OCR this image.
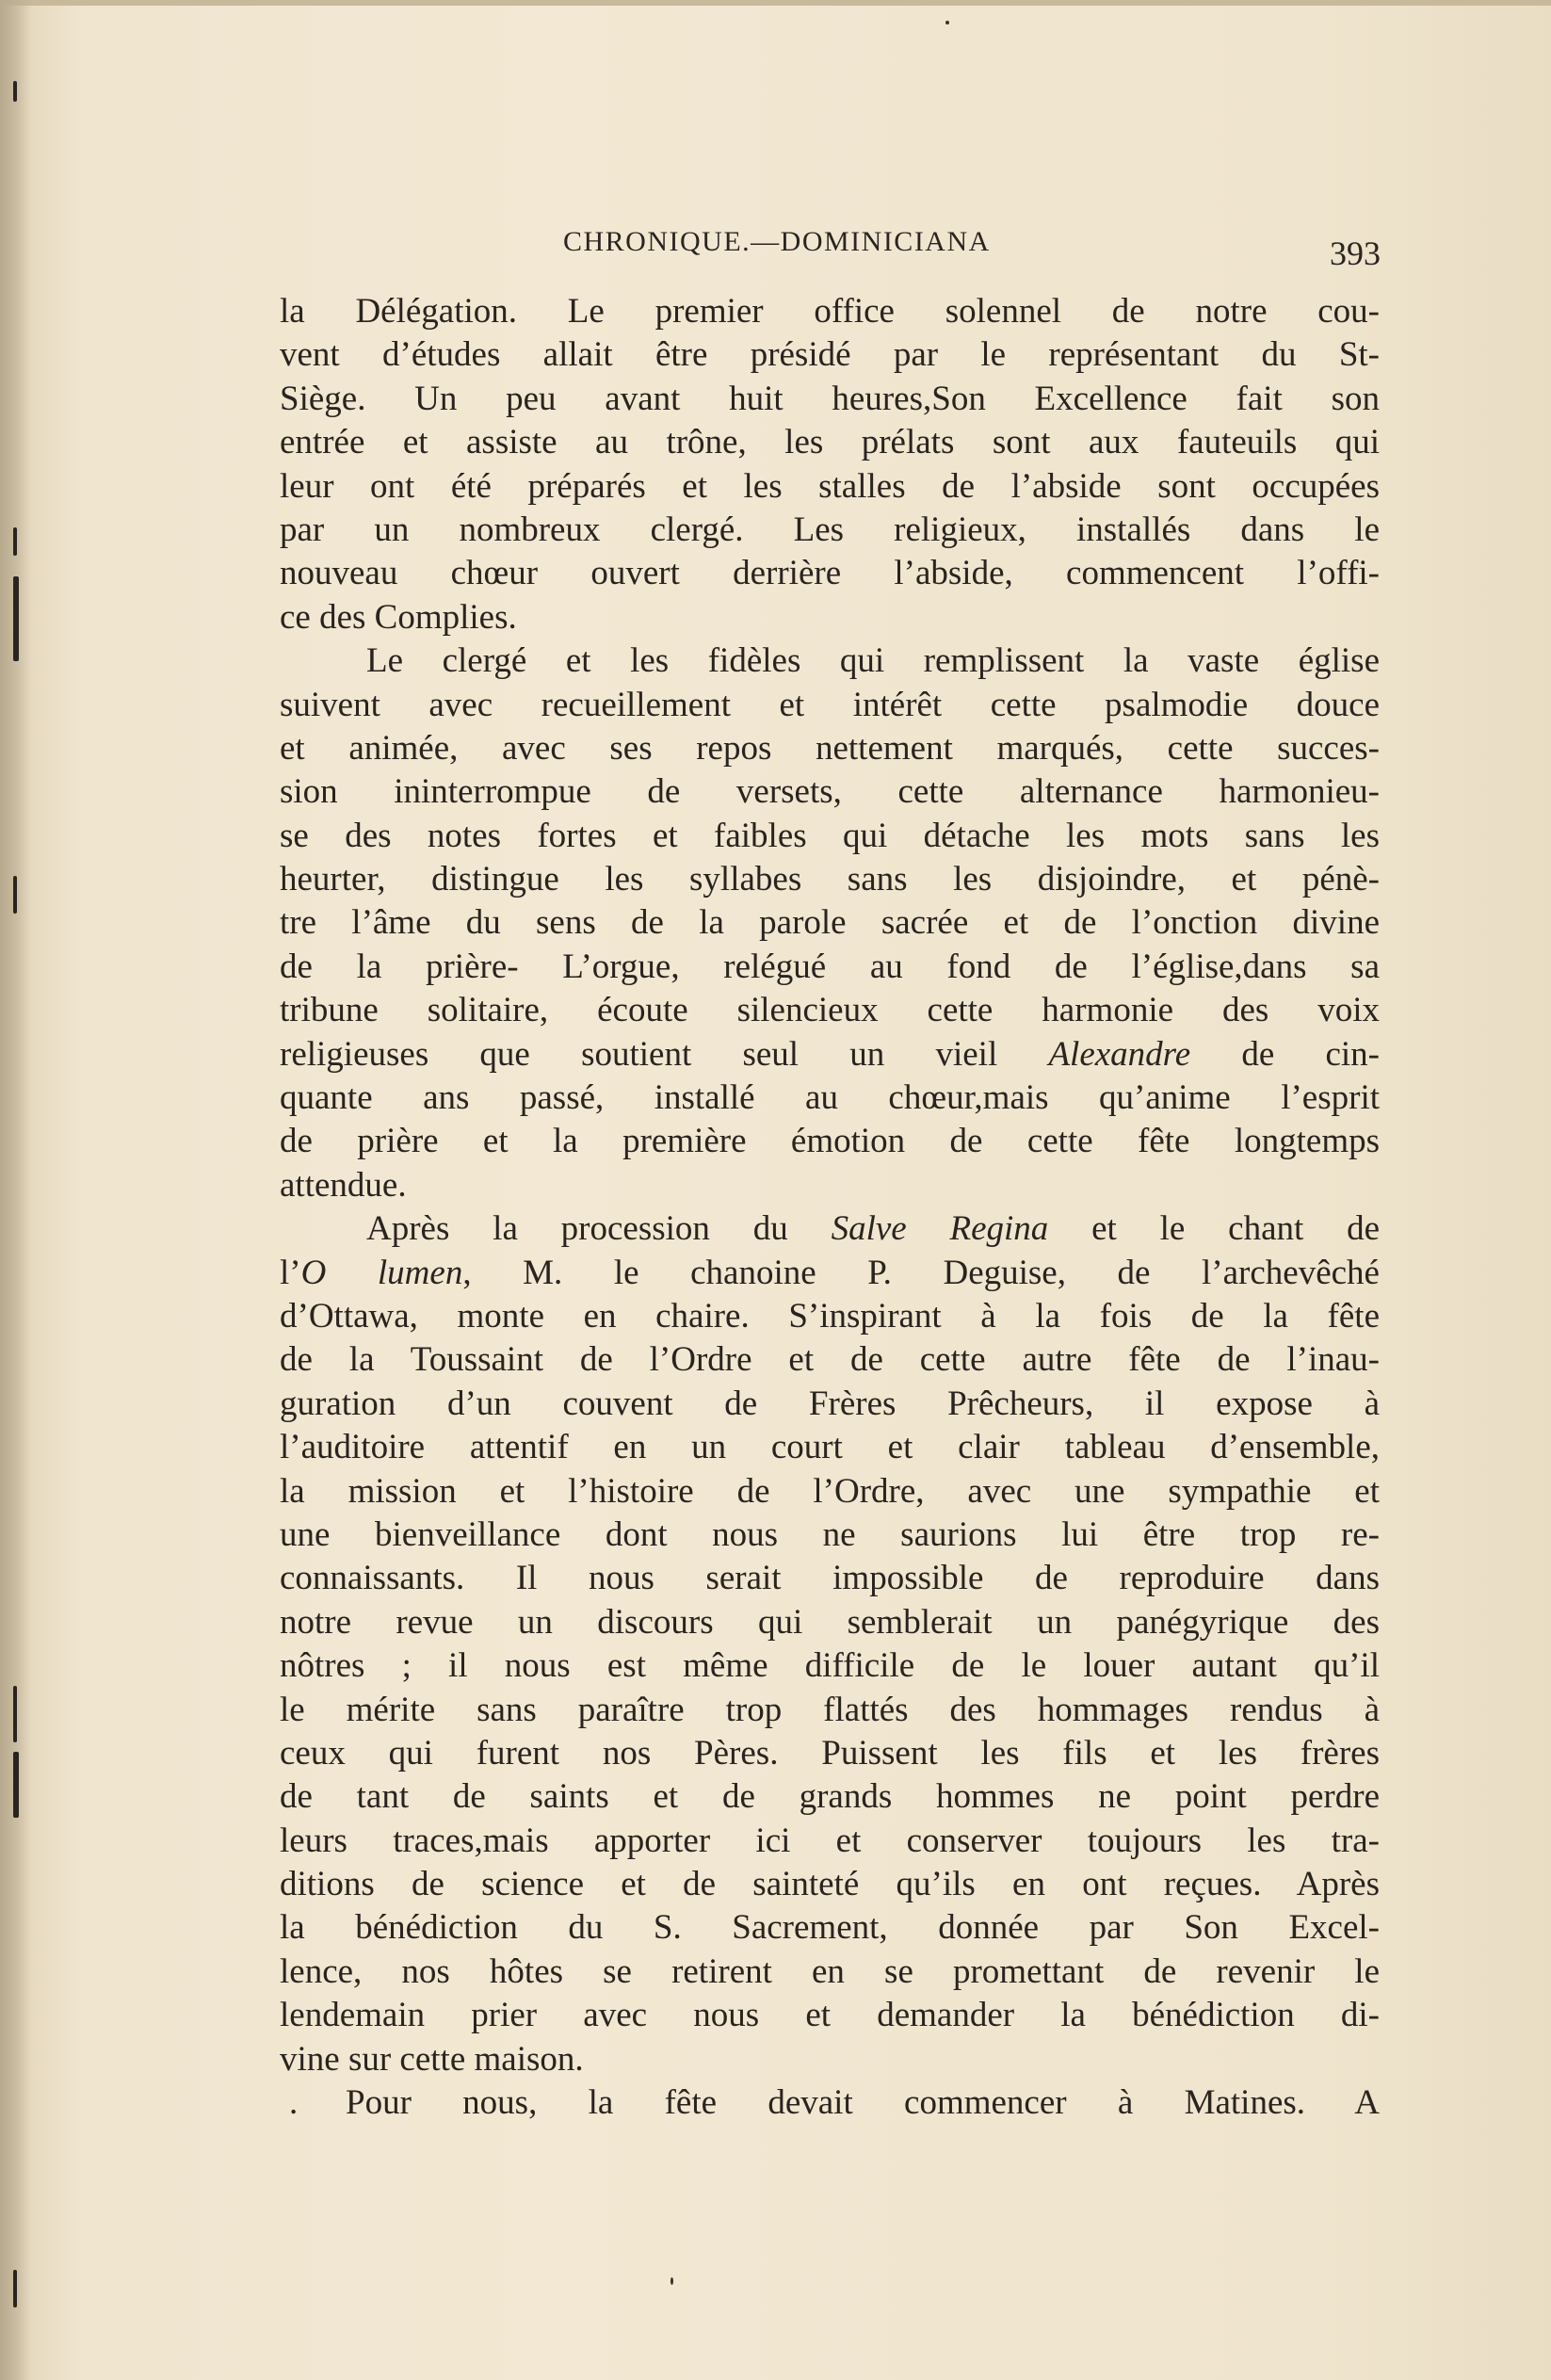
CHRONIQUE.—DOMINICIANA	393
la Délégation. Le premier office solennel de notre cou-
vent d’études allait être présidé par le représentant du St-
Siège. Un peu avant huit heures,Son Excellence fait son
entrée et assiste au trône, les prélats sont aux fauteuils qui
leur ont été préparés et les stalles de l’abside sont occupées
par un nombreux clergé. Les religieux, installés dans le
nouveau chœur ouvert derrière l’abside, commencent l’offi-
ce des Complies.
Le clergé et les fidèles qui remplissent la vaste église
suivent avec recueillement et intérêt cette psalmodie douce
et animée, avec ses repos nettement marqués, cette succes-
sion ininterrompue de versets, cette alternance harmonieu-
se des notes fortes et faibles qui détache les mots sans les
heurter, distingue les syllabes sans les disjoindre, et pénè-
tre l’âme du sens de la parole sacrée et de l’onction divine
de la prière- L’orgue, relégué au fond de l’église,dans sa
tribune solitaire, écoute silencieux cette harmonie des voix
religieuses que soutient seul un vieil Alexandre de cin-
quante ans passé, installé au chœur,mais qu’anime l’esprit
de prière et la première émotion de cette fête longtemps
attendue.
Après la procession du Salve Regina et le chant de
l’O lumen, M. le chanoine P. Deguise, de l’archevêché
d’Ottawa, monte en chaire. S’inspirant à la fois de la fête
de la Toussaint de l’Ordre et de cette autre fête de l’inau-
guration d’un couvent de Frères Prêcheurs, il expose à
l’auditoire attentif en un court et clair tableau d’ensemble,
la mission et l’histoire de l’Ordre, avec une sympathie et
une bienveillance dont nous ne saurions lui être trop re-
connaissants. Il nous serait impossible de reproduire dans
notre revue un discours qui semblerait un panégyrique des
nôtres ; il nous est même difficile de le louer autant qu’il
le mérite sans paraître trop flattés des hommages rendus à
ceux qui furent nos Pères. Puissent les fils et les frères
de tant de saints et de grands hommes ne point perdre
leurs traces,mais apporter ici et conserver toujours les tra-
ditions de science et de sainteté qu’ils en ont reçues. Après
la bénédiction du S. Sacrement, donnée par Son Excel-
lence, nos hôtes se retirent en se promettant de revenir le
lendemain prier avec nous et demander la bénédiction di-
vine sur cette maison.
. Pour nous, la fête devait commencer à Matines. A
